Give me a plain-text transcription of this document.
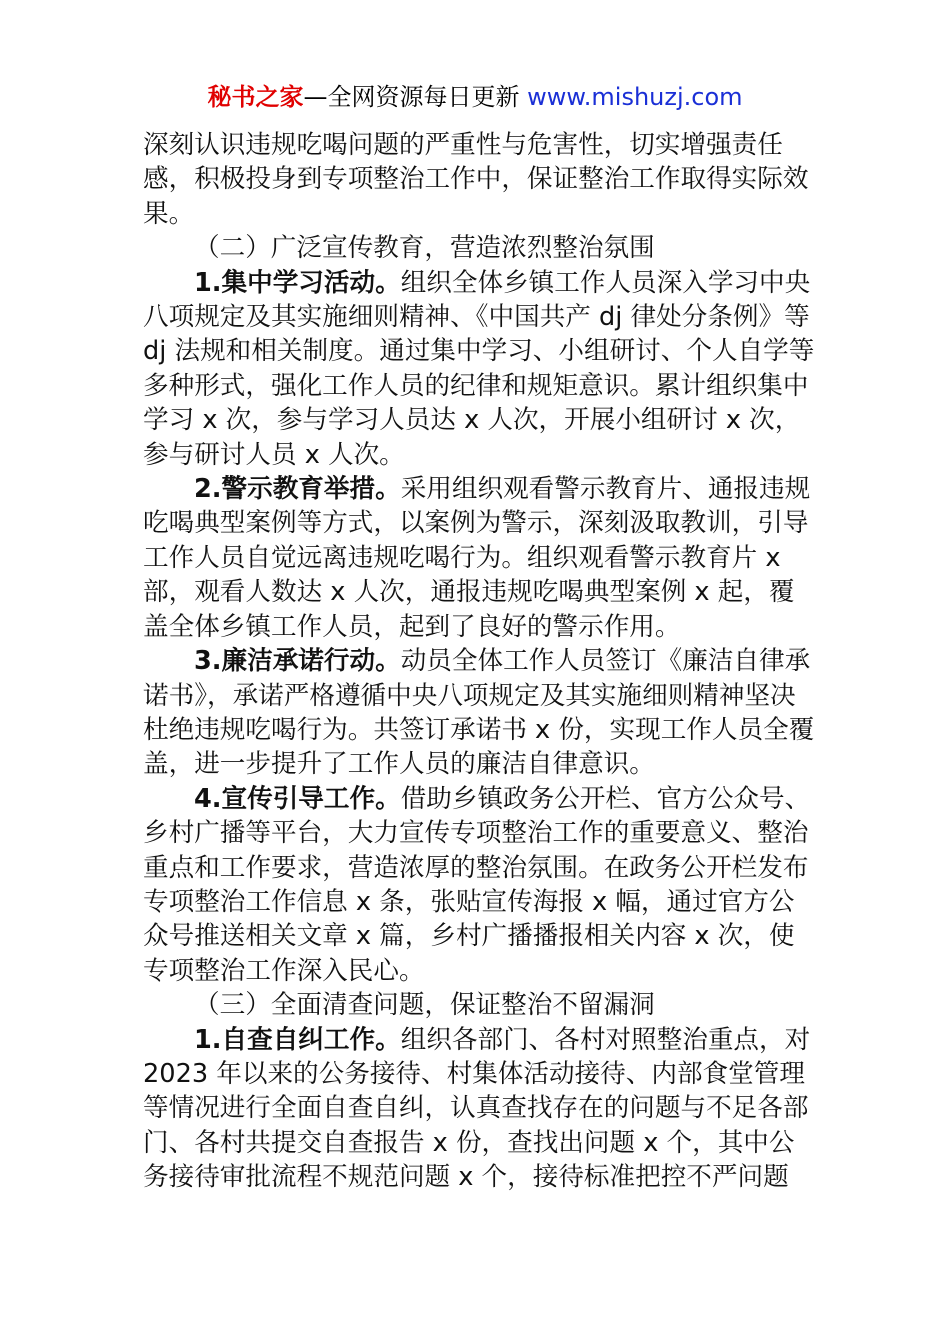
秘书之家—全网资源每日更新 www.mishuzj.com

深刻认识违规吃喝问题的严重性与危害性，切实增强责任感，积极投身到专项整治工作中，保证整治工作取得实际效果。

（二）广泛宣传教育，营造浓烈整治氛围

1.集中学习活动。组织全体乡镇工作人员深入学习中央八项规定及其实施细则精神、《中国共产 dj 律处分条例》等 dj 法规和相关制度。通过集中学习、小组研讨、个人自学等多种形式，强化工作人员的纪律和规矩意识。累计组织集中学习 x 次，参与学习人员达 x 人次，开展小组研讨 x 次，参与研讨人员 x 人次。

2.警示教育举措。采用组织观看警示教育片、通报违规吃喝典型案例等方式，以案例为警示，深刻汲取教训，引导工作人员自觉远离违规吃喝行为。组织观看警示教育片 x 部，观看人数达 x 人次，通报违规吃喝典型案例 x 起，覆盖全体乡镇工作人员，起到了良好的警示作用。

3.廉洁承诺行动。动员全体工作人员签订《廉洁自律承诺书》，承诺严格遵循中央八项规定及其实施细则精神坚决杜绝违规吃喝行为。共签订承诺书 x 份，实现工作人员全覆盖，进一步提升了工作人员的廉洁自律意识。

4.宣传引导工作。借助乡镇政务公开栏、官方公众号、乡村广播等平台，大力宣传专项整治工作的重要意义、整治重点和工作要求，营造浓厚的整治氛围。在政务公开栏发布专项整治工作信息 x 条，张贴宣传海报 x 幅，通过官方公众号推送相关文章 x 篇，乡村广播播报相关内容 x 次，使专项整治工作深入民心。

（三）全面清查问题，保证整治不留漏洞

1.自查自纠工作。组织各部门、各村对照整治重点，对 2023 年以来的公务接待、村集体活动接待、内部食堂管理等情况进行全面自查自纠，认真查找存在的问题与不足各部门、各村共提交自查报告 x 份，查找出问题 x 个，其中公务接待审批流程不规范问题 x 个，接待标准把控不严问题
